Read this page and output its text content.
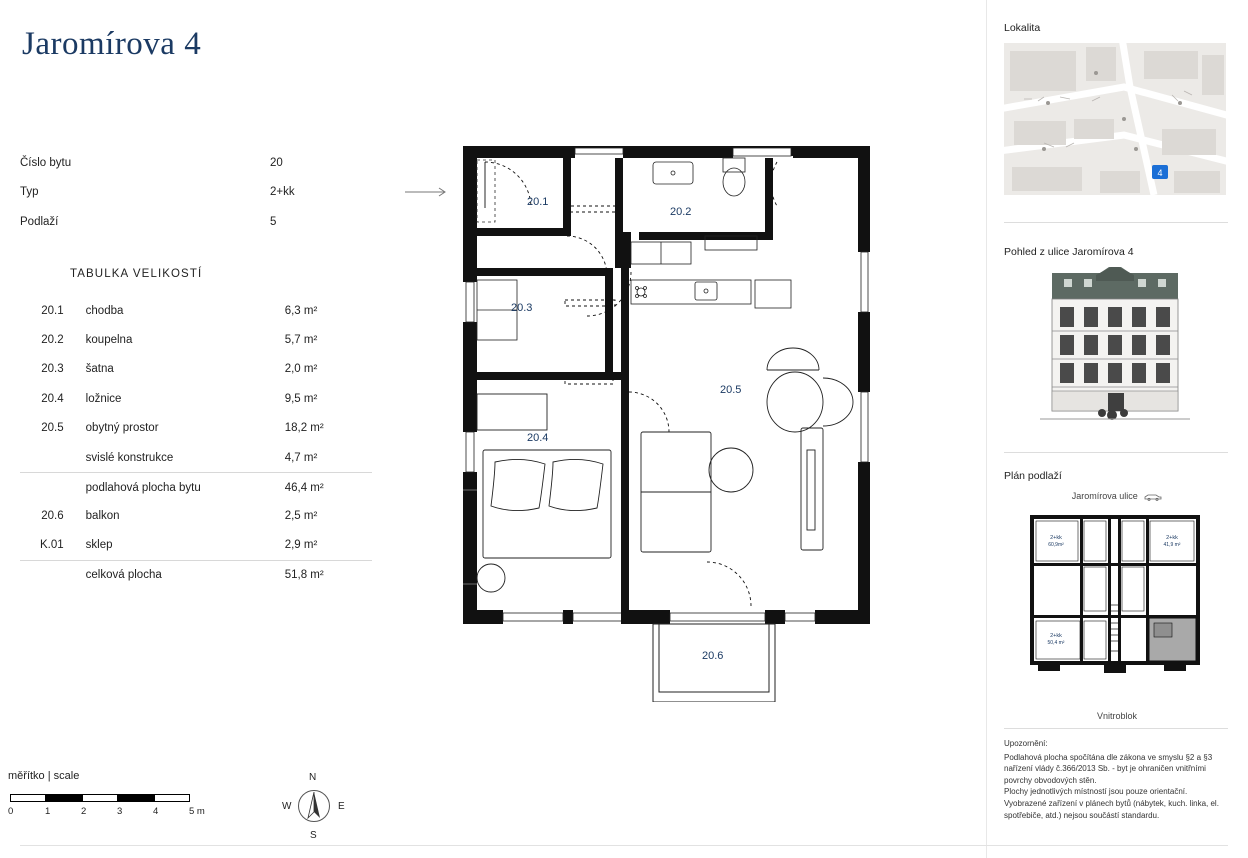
Jaromírova 4
Číslo bytu	20
Typ	2+kk
Podlaží	5
TABULKA VELIKOSTÍ
20.1	chodba	6,3 m²
20.2	koupelna	5,7 m²
20.3	šatna	2,0 m²
20.4	ložnice	9,5 m²
20.5	obytný prostor	18,2 m²
svislé konstrukce	4,7 m²
podlahová plocha bytu	46,4 m²
20.6	balkon	2,5 m²
K.01	sklep	2,9 m²
celková plocha	51,8 m²
měřítko | scale
0	1	2	3	4	5 m
N
S
W	E
20.1
20.2
20.3
20.4
20.5
20.6
Lokalita
4
Pohled z ulice Jaromírova 4
Plán podlaží
Jaromírova ulice
2+kk
60,9m²
2+kk
41,9 m²
2+kk
50,4 m²
Vnitroblok
Upozornění:
Podlahová plocha spočítána dle zákona ve smyslu §2 a §3 nařízení vlády č.366/2013 Sb. - byt je ohraničen vnitřními povrchy obvodových stěn.
Plochy jednotlivých místností jsou pouze orientační.
Vyobrazené zařízení v plánech bytů (nábytek, kuch. linka, el. spotřebiče, atd.) nejsou součástí standardu.
